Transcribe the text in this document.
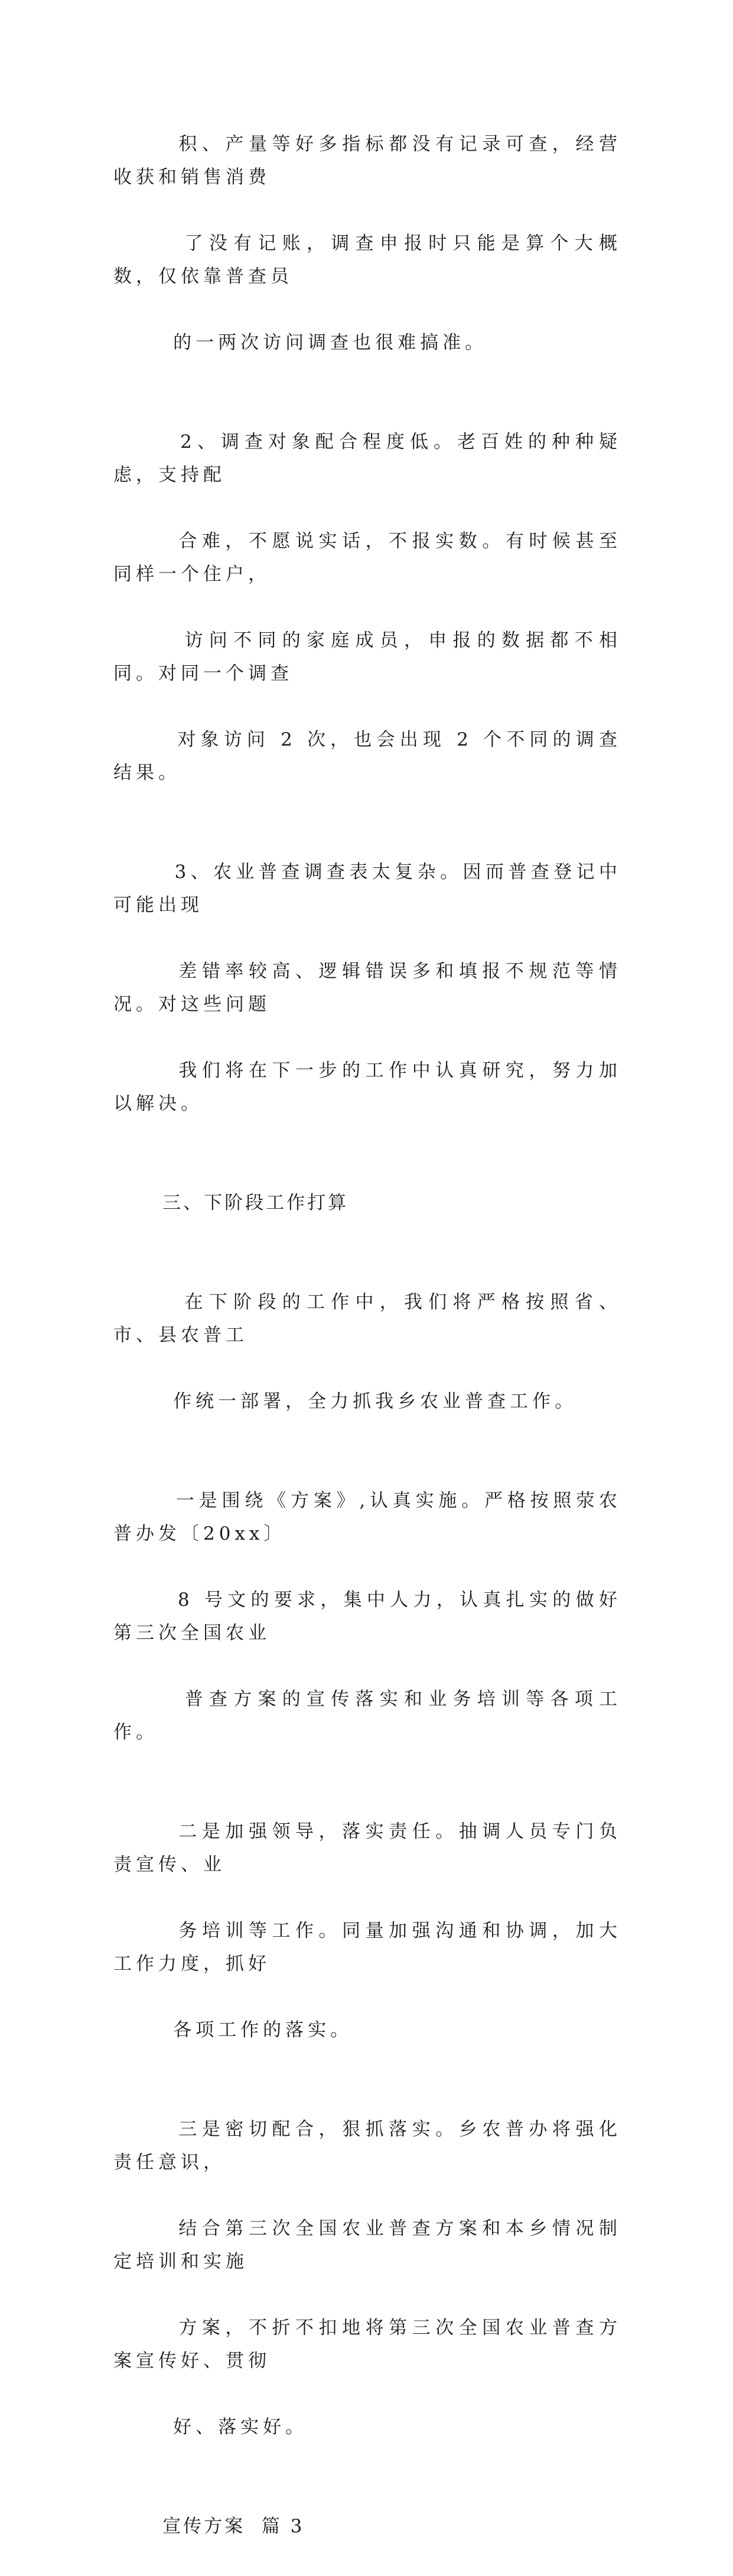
积、产量等好多指标都没有记录可查，经营收获和销售消费

了没有记账，调查申报时只能是算个大概数，仅依靠普查员

的一两次访问调查也很难搞准。

2、调查对象配合程度低。老百姓的种种疑虑，支持配

合难，不愿说实话，不报实数。有时候甚至同样一个住户，

访问不同的家庭成员，申报的数据都不相同。对同一个调查

对象访问 2 次，也会出现 2 个不同的调查结果。

3、农业普查调查表太复杂。因而普查登记中可能出现

差错率较高、逻辑错误多和填报不规范等情况。对这些问题

我们将在下一步的工作中认真研究，努力加以解决。

三、下阶段工作打算

在下阶段的工作中，我们将严格按照省、市、县农普工

作统一部署，全力抓我乡农业普查工作。

一是围绕《方案》,认真实施。严格按照荥农普办发〔20xx〕

8 号文的要求，集中人力，认真扎实的做好第三次全国农业

普查方案的宣传落实和业务培训等各项工作。

二是加强领导，落实责任。抽调人员专门负责宣传、业

务培训等工作。同量加强沟通和协调，加大工作力度，抓好

各项工作的落实。

三是密切配合，狠抓落实。乡农普办将强化责任意识，

结合第三次全国农业普查方案和本乡情况制定培训和实施

方案，不折不扣地将第三次全国农业普查方案宣传好、贯彻

好、落实好。

宣传方案  篇 3
